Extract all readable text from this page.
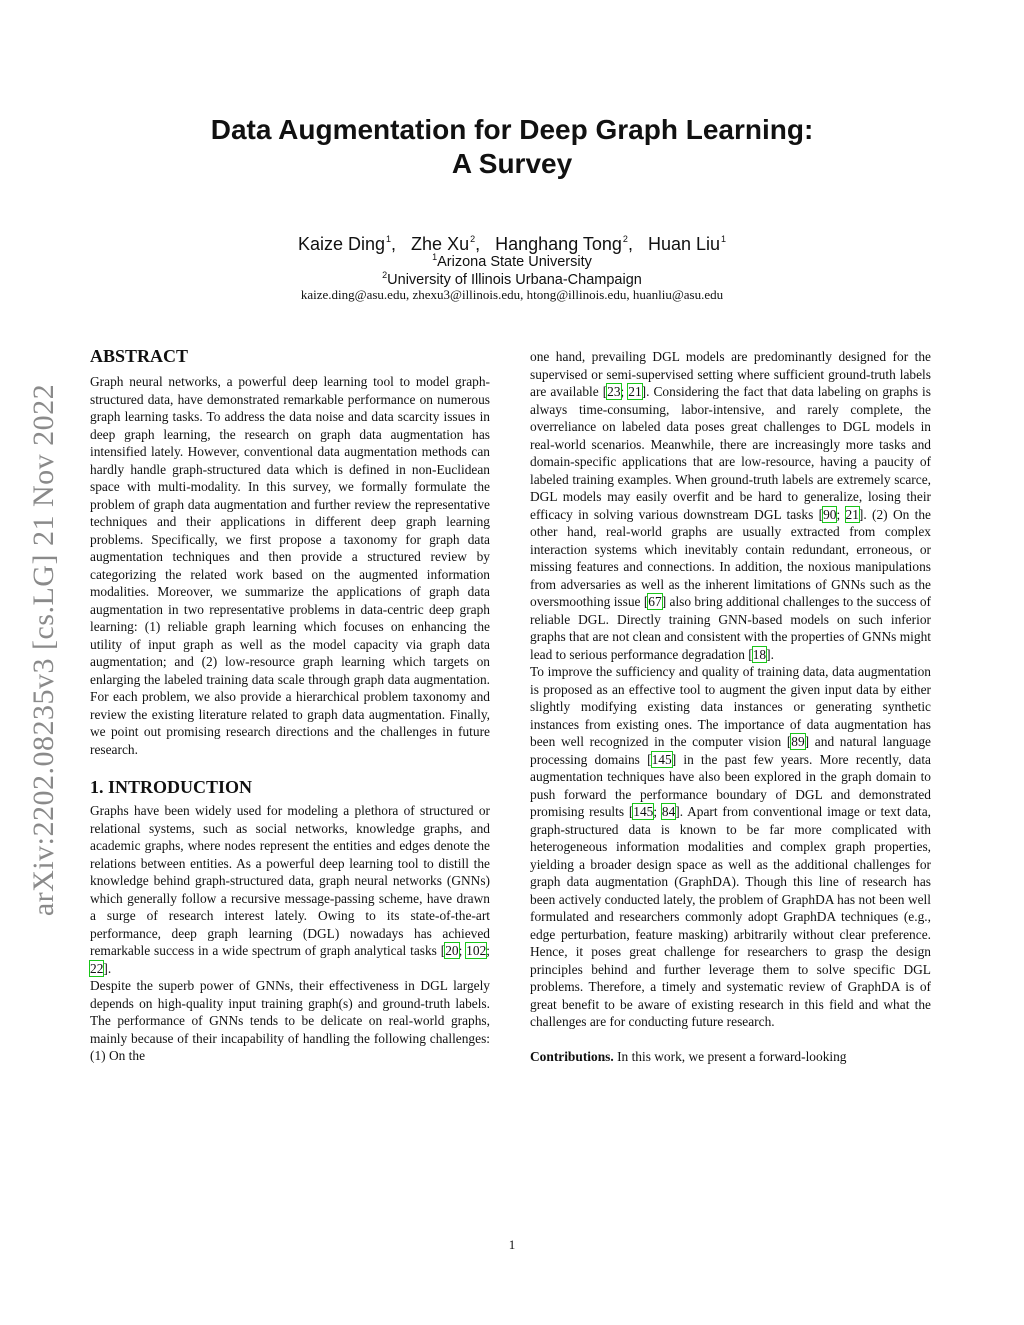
arXiv:2202.08235v3 [cs.LG] 21 Nov 2022
Data Augmentation for Deep Graph Learning:
A Survey
Kaize Ding$^1$,   Zhe Xu$^2$,   Hanghang Tong$^2$,   Huan Liu$^1$
$^1$Arizona State University
$^2$University of Illinois Urbana-Champaign
kaize.ding@asu.edu, zhexu3@illinois.edu, htong@illinois.edu, huanliu@asu.edu
ABSTRACT

Graph neural networks, a powerful deep learning tool to model graph-structured data, have demonstrated remarkable performance on numerous graph learning tasks. To address the data noise and data scarcity issues in deep graph learning, the research on graph data augmentation has intensified lately. However, conventional data augmentation methods can hardly handle graph-structured data which is defined in non-Euclidean space with multi-modality. In this survey, we formally formulate the problem of graph data augmentation and further review the representative techniques and their applications in different deep graph learning problems. Specifically, we first propose a taxonomy for graph data augmentation techniques and then provide a structured review by categorizing the related work based on the augmented information modalities. Moreover, we summarize the applications of graph data augmentation in two representative problems in data-centric deep graph learning: (1) reliable graph learning which focuses on enhancing the utility of input graph as well as the model capacity via graph data augmentation; and (2) low-resource graph learning which targets on enlarging the labeled training data scale through graph data augmentation. For each problem, we also provide a hierarchical problem taxonomy and review the existing literature related to graph data augmentation. Finally, we point out promising research directions and the challenges in future research.

1. INTRODUCTION

Graphs have been widely used for modeling a plethora of structured or relational systems, such as social networks, knowledge graphs, and academic graphs, where nodes represent the entities and edges denote the relations between entities. As a powerful deep learning tool to distill the knowledge behind graph-structured data, graph neural networks (GNNs) which generally follow a recursive message-passing scheme, have drawn a surge of research interest lately. Owing to its state-of-the-art performance, deep graph learning (DGL) nowadays has achieved remarkable success in a wide spectrum of graph analytical tasks [20; 102; 22].

Despite the superb power of GNNs, their effectiveness in DGL largely depends on high-quality input training graph(s) and ground-truth labels. The performance of GNNs tends to be delicate on real-world graphs, mainly because of their incapability of handling the following challenges: (1) On the

one hand, prevailing DGL models are predominantly designed for the supervised or semi-supervised setting where sufficient ground-truth labels are available [23; 21]. Considering the fact that data labeling on graphs is always time-consuming, labor-intensive, and rarely complete, the overreliance on labeled data poses great challenges to DGL models in real-world scenarios. Meanwhile, there are increasingly more tasks and domain-specific applications that are low-resource, having a paucity of labeled training examples. When ground-truth labels are extremely scarce, DGL models may easily overfit and be hard to generalize, losing their efficacy in solving various downstream DGL tasks [90; 21]. (2) On the other hand, real-world graphs are usually extracted from complex interaction systems which inevitably contain redundant, erroneous, or missing features and connections. In addition, the noxious manipulations from adversaries as well as the inherent limitations of GNNs such as the oversmoothing issue [67] also bring additional challenges to the success of reliable DGL. Directly training GNN-based models on such inferior graphs that are not clean and consistent with the properties of GNNs might lead to serious performance degradation [18].

To improve the sufficiency and quality of training data, data augmentation is proposed as an effective tool to augment the given input data by either slightly modifying existing data instances or generating synthetic instances from existing ones. The importance of data augmentation has been well recognized in the computer vision [89] and natural language processing domains [145] in the past few years. More recently, data augmentation techniques have also been explored in the graph domain to push forward the performance boundary of DGL and demonstrated promising results [145; 84]. Apart from conventional image or text data, graph-structured data is known to be far more complicated with heterogeneous information modalities and complex graph properties, yielding a broader design space as well as the additional challenges for graph data augmentation (GraphDA). Though this line of research has been actively conducted lately, the problem of GraphDA has not been well formulated and researchers commonly adopt GraphDA techniques (e.g., edge perturbation, feature masking) arbitrarily without clear preference. Hence, it poses great challenge for researchers to grasp the design principles behind and further leverage them to solve specific DGL problems. Therefore, a timely and systematic review of GraphDA is of great benefit to be aware of existing research in this field and what the challenges are for conducting future research.

Contributions. In this work, we present a forward-looking

1
